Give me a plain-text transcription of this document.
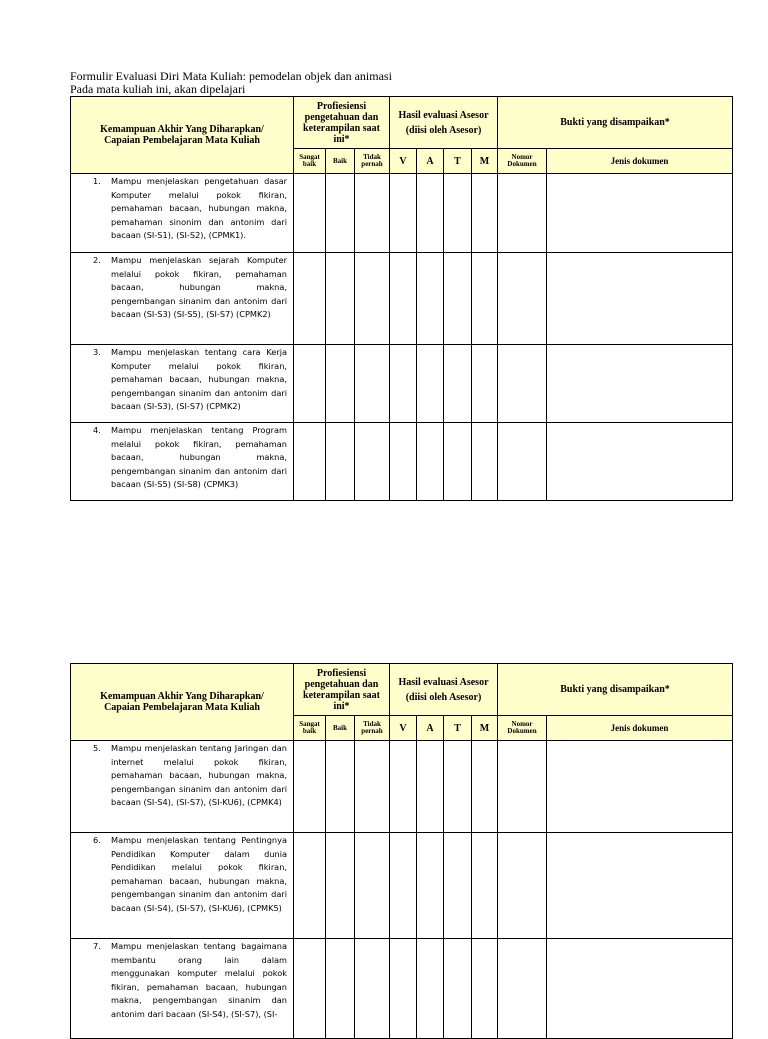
Formulir Evaluasi Diri Mata Kuliah: pemodelan objek dan animasi
Pada mata kuliah ini, akan dipelajari
Kemampuan Akhir Yang Diharapkan/ Capaian Pembelajaran Mata Kuliah	Profiesiensi pengetahuan dan keterampilan saat ini*			Hasil evaluasi Asesor (diisi oleh Asesor)				Bukti yang disampaikan*	
	Sangat baik	Baik	Tidak pernah	V	A	T	M	Nomor Dokumen	Jenis dokumen

1. Mampu menjelaskan pengetahuan dasar Komputer melalui pokok fikiran, pemahaman bacaan, hubungan makna, pemahaman sinonim dan antonim dari bacaan (SI-S1), (SI-S2), (CPMK1).									

2. Mampu menjelaskan sejarah Komputer melalui pokok fikiran, pemahaman bacaan, hubungan makna, pengembangan sinanim dan antonim dari bacaan (SI-S3) (SI-S5), (SI-S7) (CPMK2)									

3. Mampu menjelaskan tentang cara Kerja Komputer melalui pokok fikiran, pemahaman bacaan, hubungan makna, pengembangan sinanim dan antonim dari bacaan (SI-S3), (SI-S7) (CPMK2)									

4. Mampu menjelaskan tentang Program melalui pokok fikiran, pemahaman bacaan, hubungan makna, pengembangan sinanim dan antonim dari bacaan (SI-S5) (SI-S8) (CPMK3)									

Kemampuan Akhir Yang Diharapkan/ Capaian Pembelajaran Mata Kuliah	Profiesiensi pengetahuan dan keterampilan saat ini*			Hasil evaluasi Asesor (diisi oleh Asesor)				Bukti yang disampaikan*	
	Sangat baik	Baik	Tidak pernah	V	A	T	M	Nomor Dokumen	Jenis dokumen

5. Mampu menjelaskan tentang Jaringan dan internet melalui pokok fikiran, pemahaman bacaan, hubungan makna, pengembangan sinanim dan antonim dari bacaan (SI-S4), (SI-S7), (SI-KU6), (CPMK4)									

6. Mampu menjelaskan tentang Pentingnya Pendidikan Komputer dalam dunia Pendidikan melalui pokok fikiran, pemahaman bacaan, hubungan makna, pengembangan sinanim dan antonim dari bacaan (SI-S4), (SI-S7), (SI-KU6), (CPMK5)									

7. Mampu menjelaskan tentang bagaimana membantu orang lain dalam menggunakan komputer melalui pokok fikiran, pemahaman bacaan, hubungan makna, pengembangan sinanim dan antonim dari bacaan (SI-S4), (SI-S7), (SI-									
